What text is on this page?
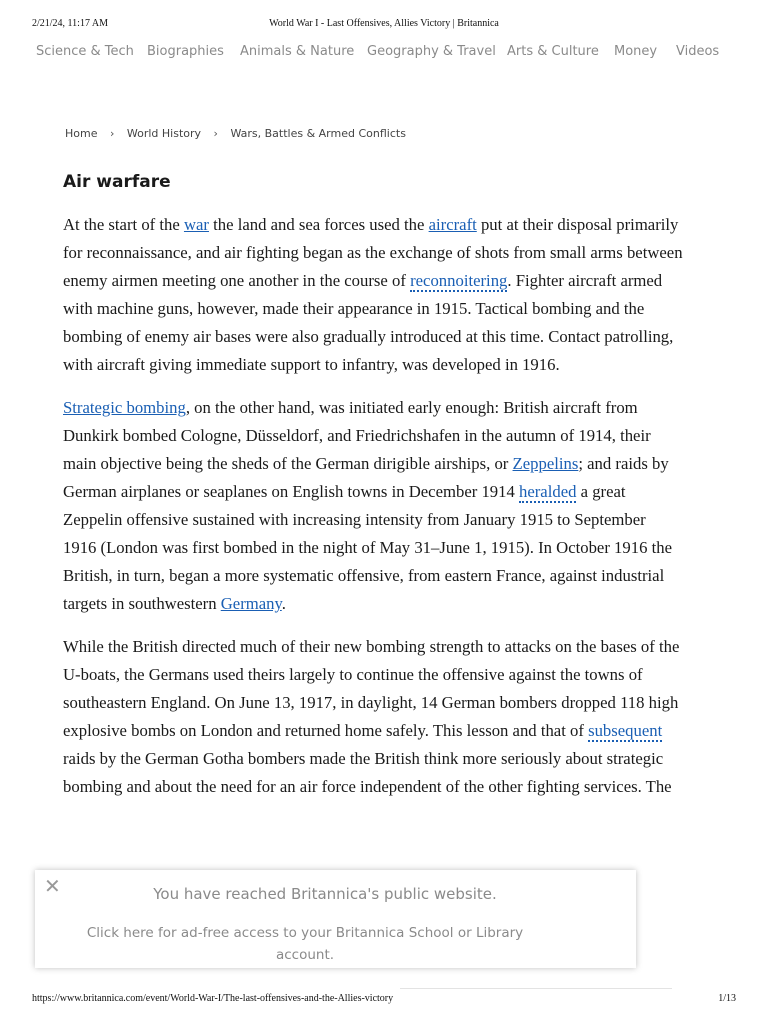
2/21/24, 11:17 AM	World War I - Last Offensives, Allies Victory | Britannica
Science & Tech Biographies Animals & Nature Geography & Travel Arts & Culture Money Videos
Home › World History › Wars, Battles & Armed Conflicts
Air warfare

At the start of the war the land and sea forces used the aircraft put at their disposal primarily for reconnaissance, and air fighting began as the exchange of shots from small arms between enemy airmen meeting one another in the course of reconnoitering. Fighter aircraft armed with machine guns, however, made their appearance in 1915. Tactical bombing and the bombing of enemy air bases were also gradually introduced at this time. Contact patrolling, with aircraft giving immediate support to infantry, was developed in 1916.

Strategic bombing, on the other hand, was initiated early enough: British aircraft from Dunkirk bombed Cologne, Düsseldorf, and Friedrichshafen in the autumn of 1914, their main objective being the sheds of the German dirigible airships, or Zeppelins; and raids by German airplanes or seaplanes on English towns in December 1914 heralded a great Zeppelin offensive sustained with increasing intensity from January 1915 to September 1916 (London was first bombed in the night of May 31–June 1, 1915). In October 1916 the British, in turn, began a more systematic offensive, from eastern France, against industrial targets in southwestern Germany.

While the British directed much of their new bombing strength to attacks on the bases of the U-boats, the Germans used theirs largely to continue the offensive against the towns of southeastern England. On June 13, 1917, in daylight, 14 German bombers dropped 118 high explosive bombs on London and returned home safely. This lesson and that of subsequent raids by the German Gotha bombers made the British think more seriously about strategic bombing and about the need for an air force independent of the other fighting services. The

✕	You have reached Britannica's public website.
Click here for ad-free access to your Britannica School or Library account.
https://www.britannica.com/event/World-War-I/The-last-offensives-and-the-Allies-victory	1/13
